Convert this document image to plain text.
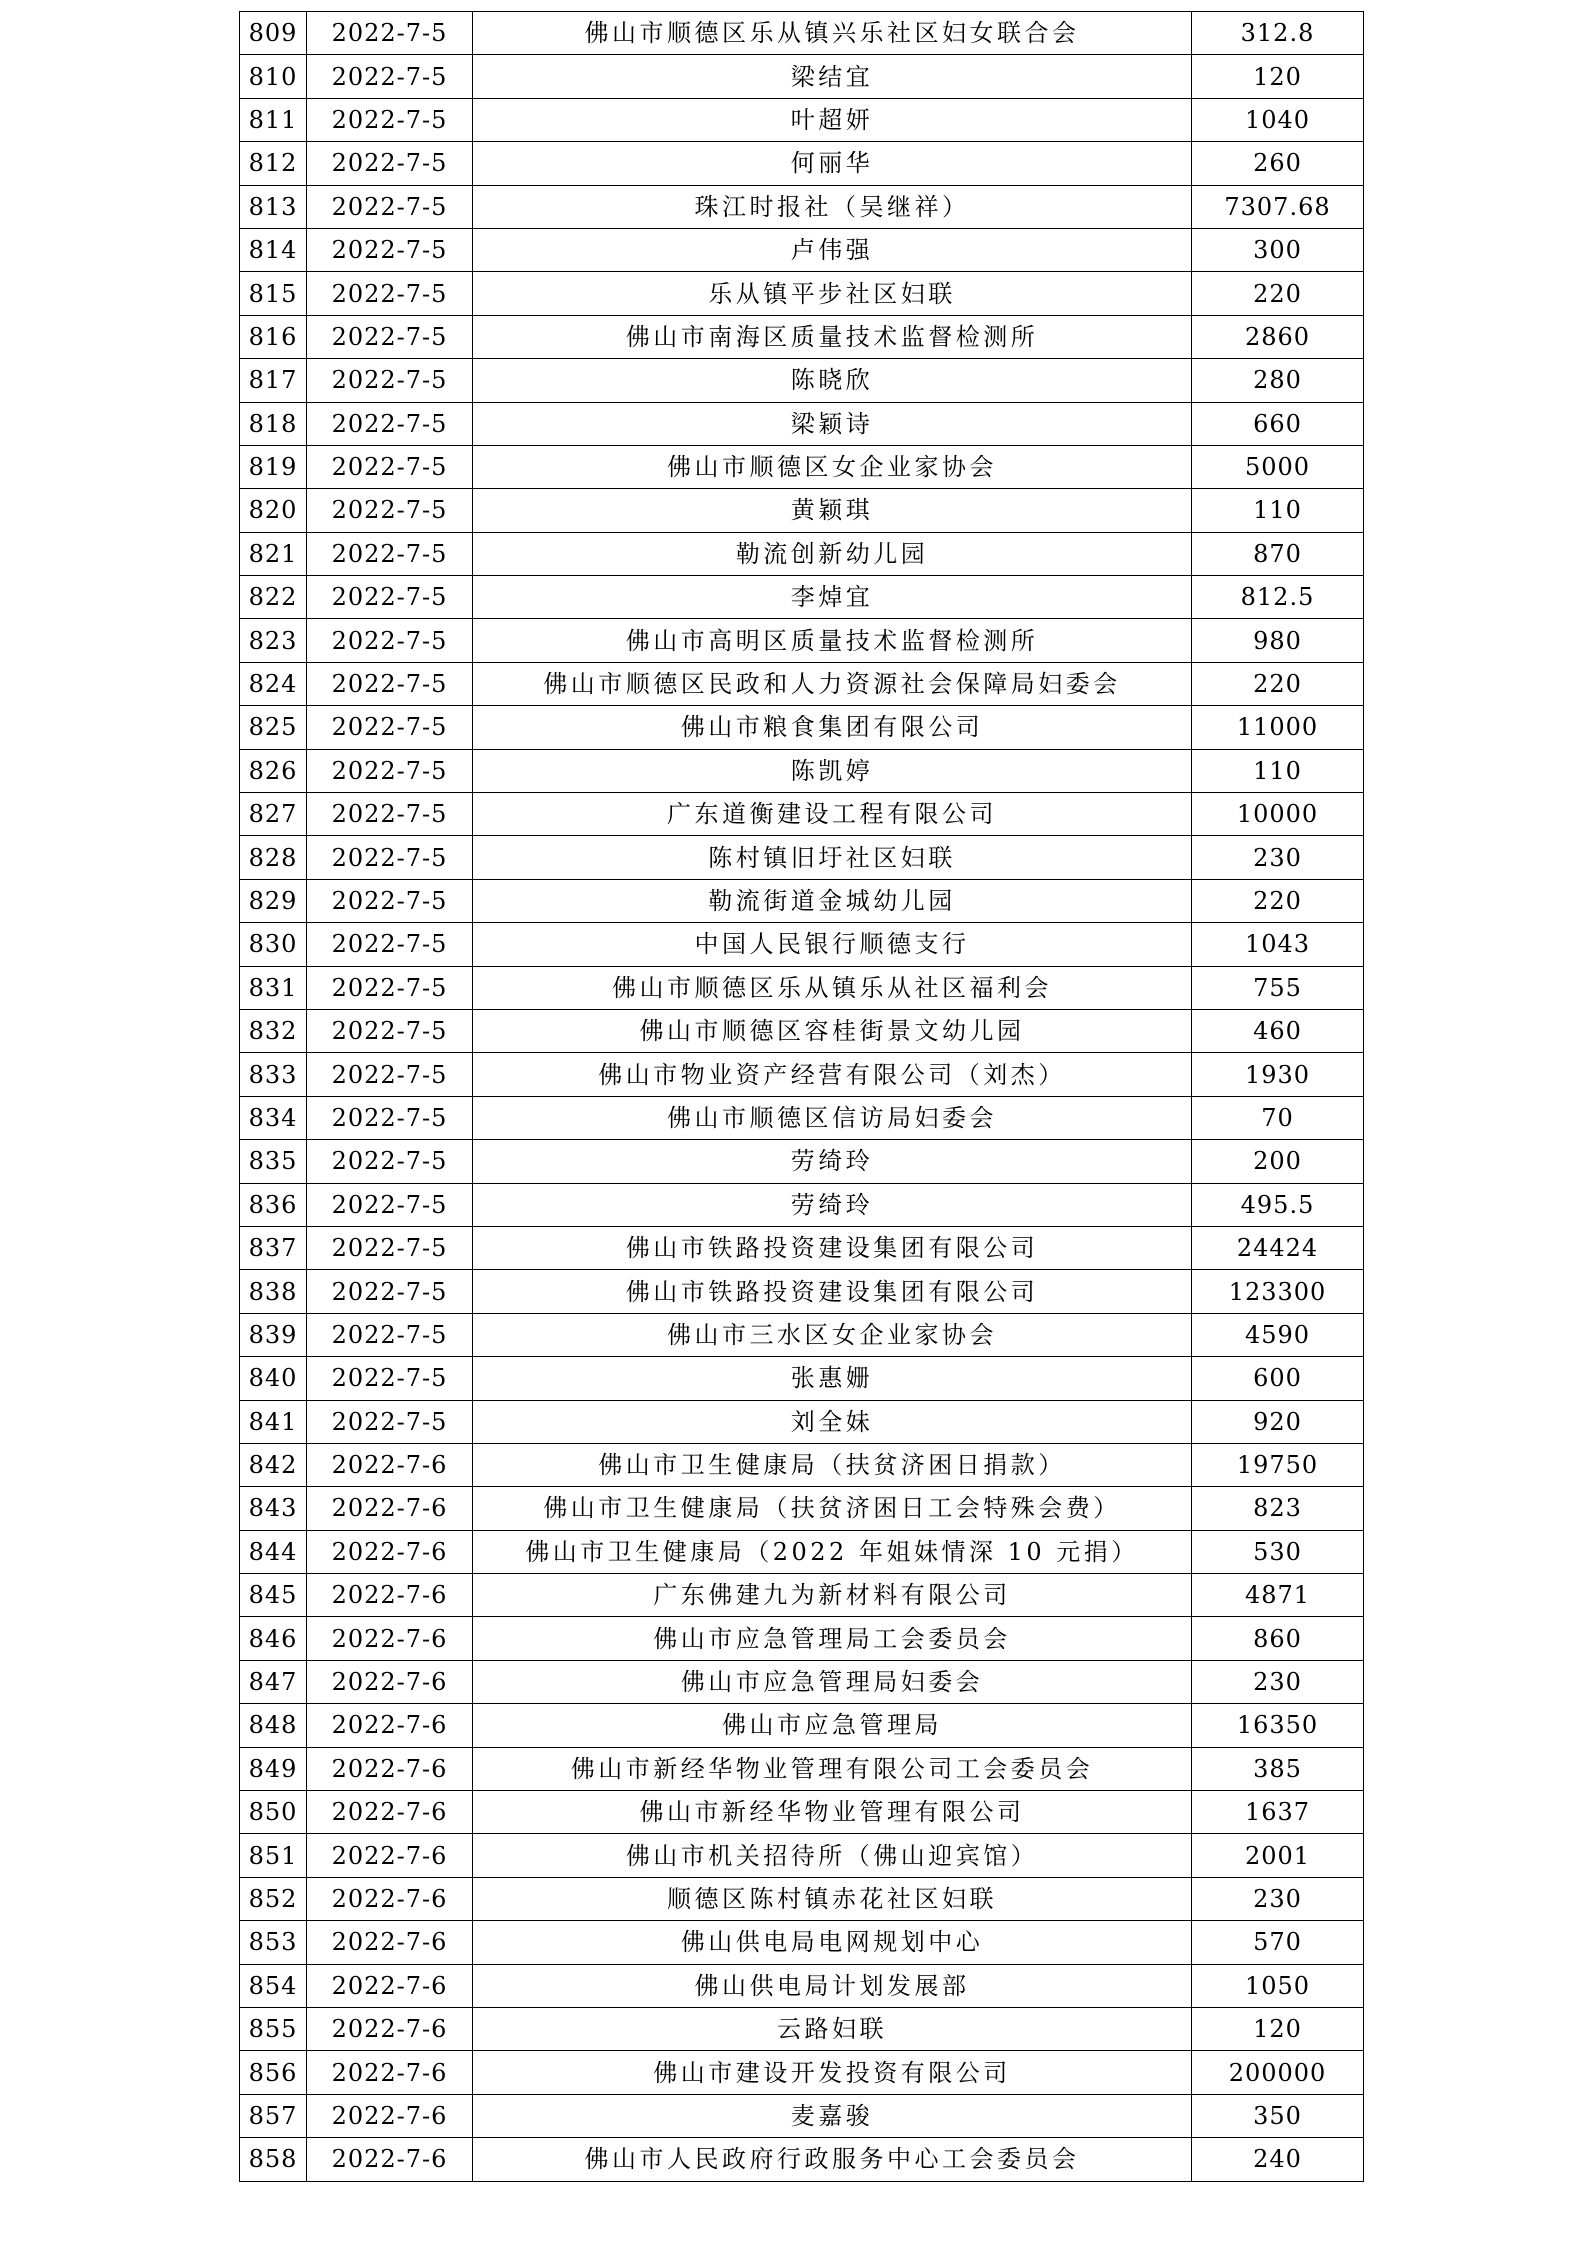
809	2022-7-5	佛山市顺德区乐从镇兴乐社区妇女联合会	312.8
810	2022-7-5	梁结宜	120
811	2022-7-5	叶超妍	1040
812	2022-7-5	何丽华	260
813	2022-7-5	珠江时报社（吴继祥）	7307.68
814	2022-7-5	卢伟强	300
815	2022-7-5	乐从镇平步社区妇联	220
816	2022-7-5	佛山市南海区质量技术监督检测所	2860
817	2022-7-5	陈晓欣	280
818	2022-7-5	梁颖诗	660
819	2022-7-5	佛山市顺德区女企业家协会	5000
820	2022-7-5	黄颖琪	110
821	2022-7-5	勒流创新幼儿园	870
822	2022-7-5	李焯宜	812.5
823	2022-7-5	佛山市高明区质量技术监督检测所	980
824	2022-7-5	佛山市顺德区民政和人力资源社会保障局妇委会	220
825	2022-7-5	佛山市粮食集团有限公司	11000
826	2022-7-5	陈凯婷	110
827	2022-7-5	广东道衡建设工程有限公司	10000
828	2022-7-5	陈村镇旧圩社区妇联	230
829	2022-7-5	勒流街道金城幼儿园	220
830	2022-7-5	中国人民银行顺德支行	1043
831	2022-7-5	佛山市顺德区乐从镇乐从社区福利会	755
832	2022-7-5	佛山市顺德区容桂街景文幼儿园	460
833	2022-7-5	佛山市物业资产经营有限公司（刘杰）	1930
834	2022-7-5	佛山市顺德区信访局妇委会	70
835	2022-7-5	劳绮玲	200
836	2022-7-5	劳绮玲	495.5
837	2022-7-5	佛山市铁路投资建设集团有限公司	24424
838	2022-7-5	佛山市铁路投资建设集团有限公司	123300
839	2022-7-5	佛山市三水区女企业家协会	4590
840	2022-7-5	张惠姗	600
841	2022-7-5	刘全妹	920
842	2022-7-6	佛山市卫生健康局（扶贫济困日捐款）	19750
843	2022-7-6	佛山市卫生健康局（扶贫济困日工会特殊会费）	823
844	2022-7-6	佛山市卫生健康局（2022 年姐妹情深 10 元捐）	530
845	2022-7-6	广东佛建九为新材料有限公司	4871
846	2022-7-6	佛山市应急管理局工会委员会	860
847	2022-7-6	佛山市应急管理局妇委会	230
848	2022-7-6	佛山市应急管理局	16350
849	2022-7-6	佛山市新经华物业管理有限公司工会委员会	385
850	2022-7-6	佛山市新经华物业管理有限公司	1637
851	2022-7-6	佛山市机关招待所（佛山迎宾馆）	2001
852	2022-7-6	顺德区陈村镇赤花社区妇联	230
853	2022-7-6	佛山供电局电网规划中心	570
854	2022-7-6	佛山供电局计划发展部	1050
855	2022-7-6	云路妇联	120
856	2022-7-6	佛山市建设开发投资有限公司	200000
857	2022-7-6	麦嘉骏	350
858	2022-7-6	佛山市人民政府行政服务中心工会委员会	240
